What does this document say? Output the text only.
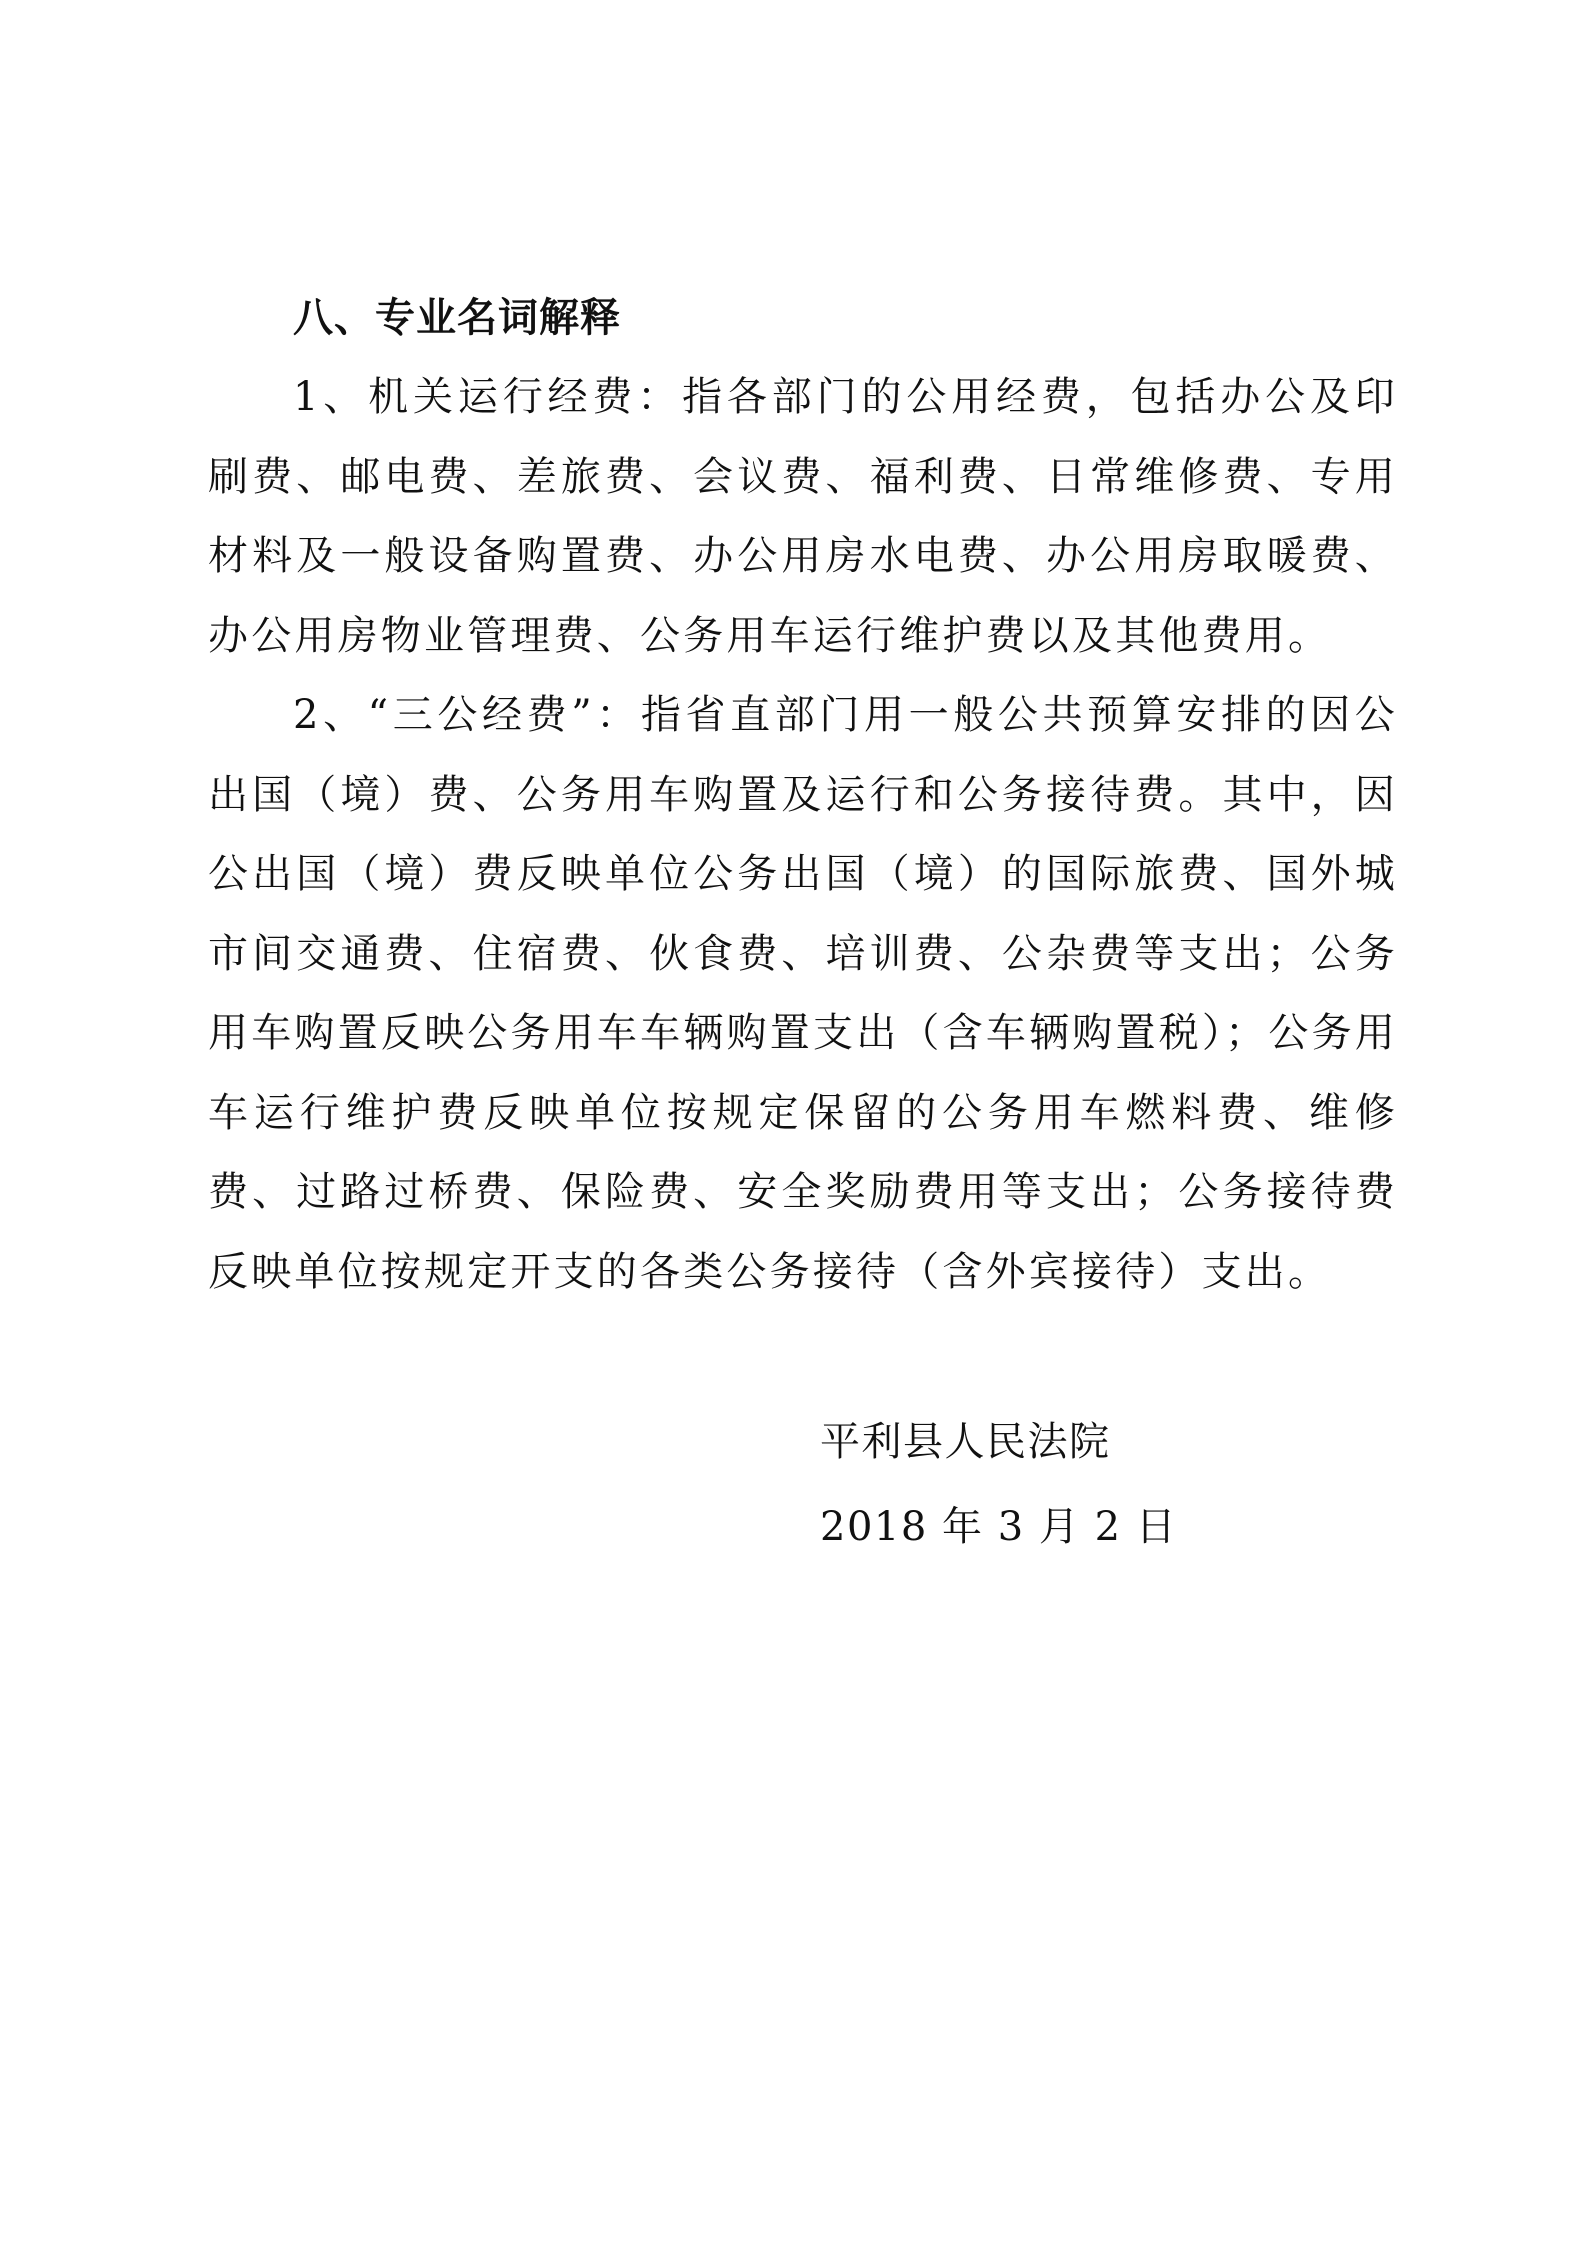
八、专业名词解释

1、机关运行经费：指各部门的公用经费，包括办公及印刷费、邮电费、差旅费、会议费、福利费、日常维修费、专用材料及一般设备购置费、办公用房水电费、办公用房取暖费、办公用房物业管理费、公务用车运行维护费以及其他费用。

2、“三公经费”：指省直部门用一般公共预算安排的因公出国（境）费、公务用车购置及运行和公务接待费。其中，因公出国（境）费反映单位公务出国（境）的国际旅费、国外城市间交通费、住宿费、伙食费、培训费、公杂费等支出；公务用车购置反映公务用车车辆购置支出（含车辆购置税）；公务用车运行维护费反映单位按规定保留的公务用车燃料费、维修费、过路过桥费、保险费、安全奖励费用等支出；公务接待费反映单位按规定开支的各类公务接待（含外宾接待）支出。

平利县人民法院
2018 年 3 月 2 日
